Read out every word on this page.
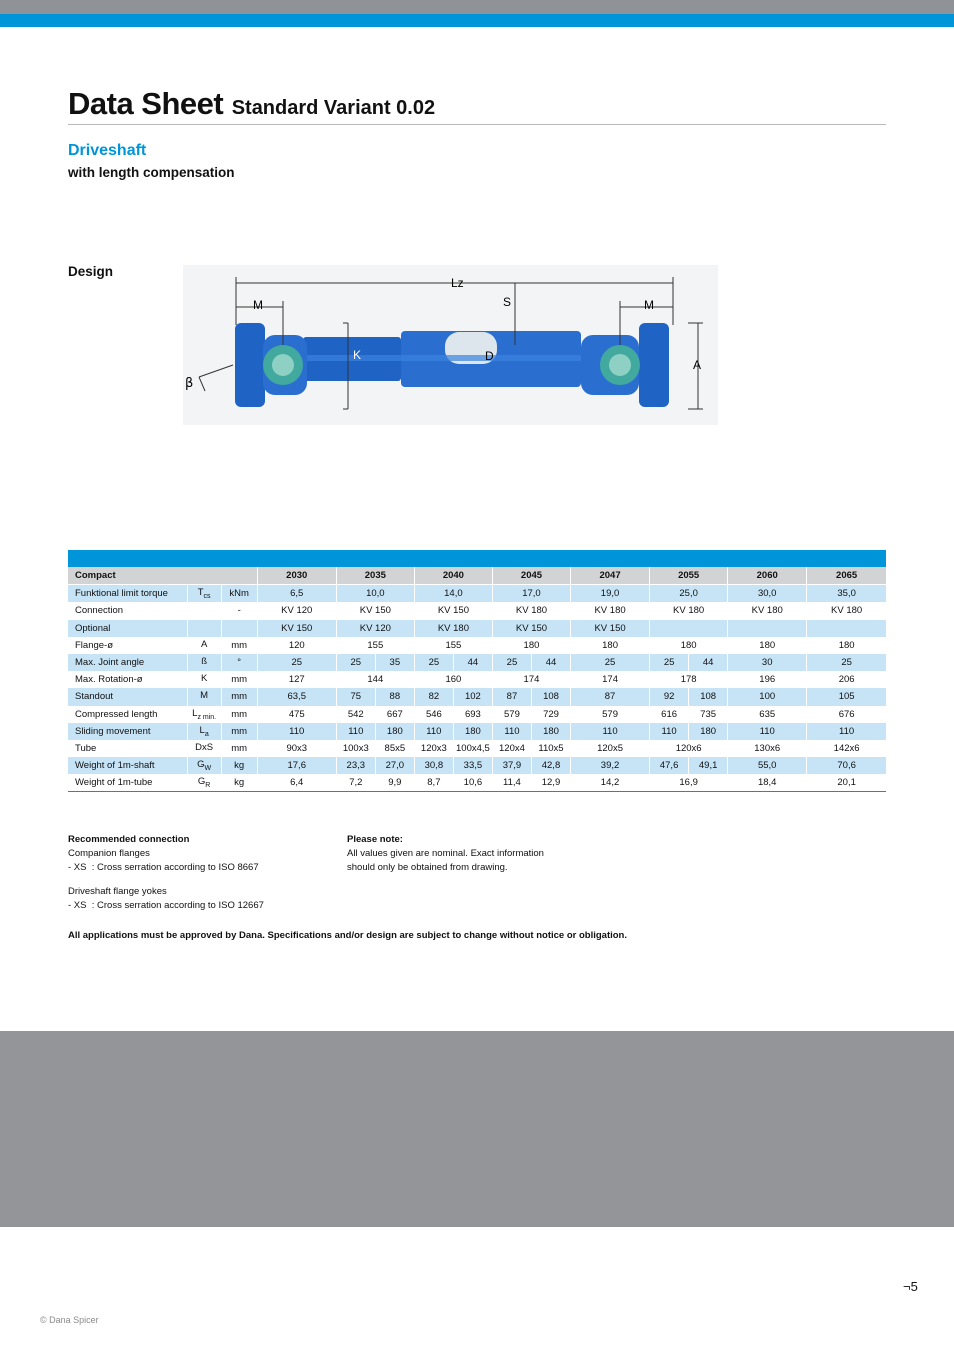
Data Sheet Standard Variant 0.02
Driveshaft
with length compensation
Design
Lz
S
M	M
K	D
A
β
Compact			2030	2035		2040		2045		2047	2055		2060	2065
Funktional limit torque	$T_{cs}$	kNm	6,5	10,0		14,0		17,0		19,0	25,0		30,0	35,0
Connection		-	KV 120	KV 150		KV 150		KV 180		KV 180	KV 180		KV 180	KV 180
Optional			KV 150	KV 120		KV 180		KV 150		KV 150				
Flange-ø	A	mm	120	155		155		180		180	180		180	180
Max. Joint angle	ß	°	25	25	35	25	44	25	44	25	25	44	30	25
Max. Rotation-ø	K	mm	127	144		160		174		174	178		196	206
Standout	M	mm	63,5	75	88	82	102	87	108	87	92	108	100	105
Compressed length	$L_{z min.}$	mm	475	542	667	546	693	579	729	579	616	735	635	676
Sliding movement	$L_a$	mm	110	110	180	110	180	110	180	110	110	180	110	110
Tube	DxS	mm	90x3	100x3	85x5	120x3	100x4,5	120x4	110x5	120x5	120x6		130x6	142x6
Weight of 1m-shaft	$G_W$	kg	17,6	23,3	27,0	30,8	33,5	37,9	42,8	39,2	47,6	49,1	55,0	70,6
Weight of 1m-tube	$G_R$	kg	6,4	7,2	9,9	8,7	10,6	11,4	12,9	14,2	16,9		18,4	20,1
Recommended connection
Companion flanges
- XS  : Cross serration according to ISO 8667
Driveshaft flange yokes
- XS  : Cross serration according to ISO 12667
Please note:
All values given are nominal. Exact information
should only be obtained from drawing.
All applications must be approved by Dana. Specifications and/or design are subject to change without notice or obligation.
¬5
© Dana Spicer
